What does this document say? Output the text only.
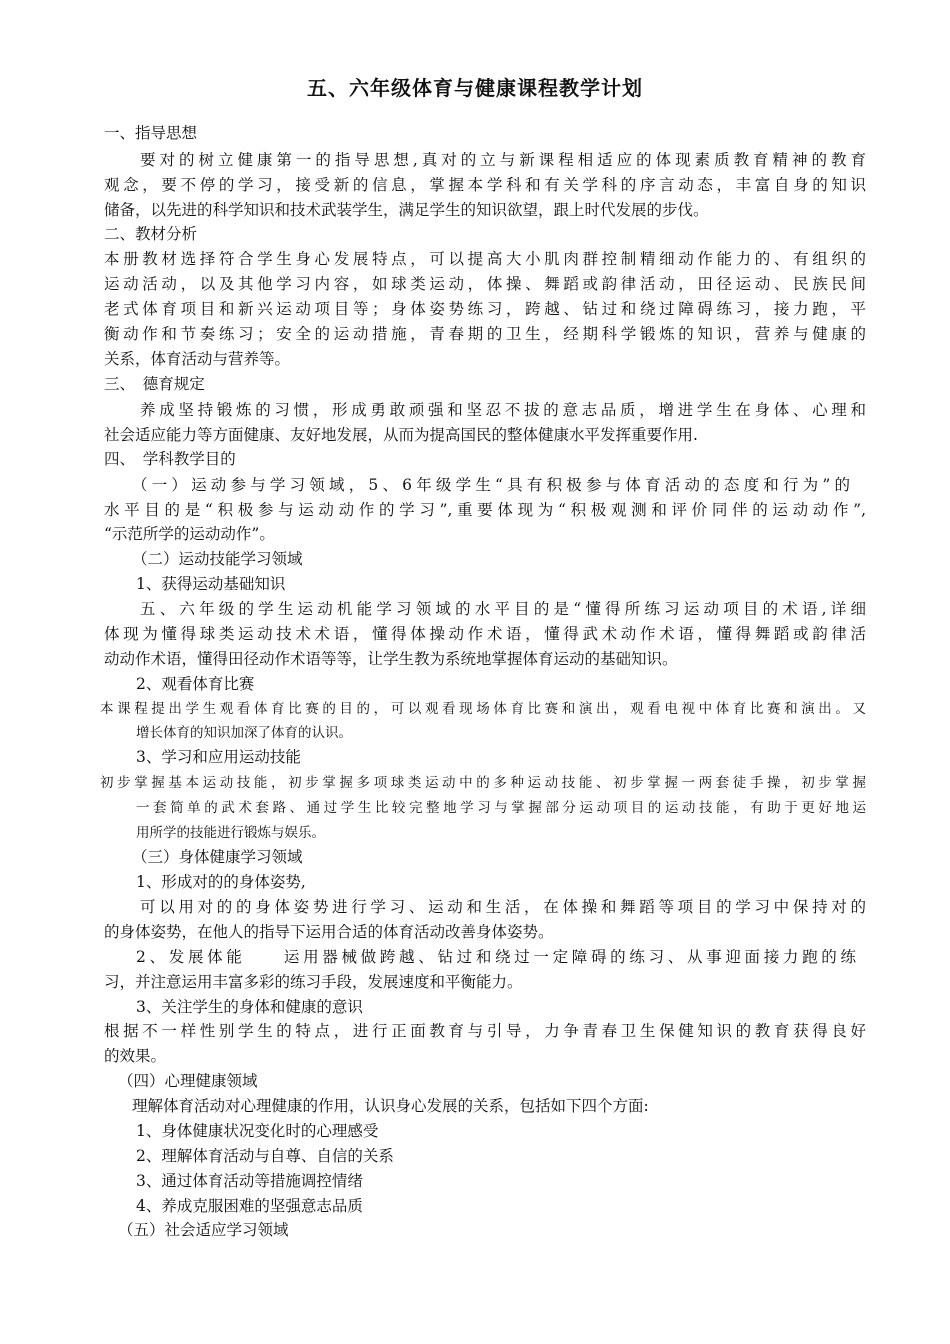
五、六年级体育与健康课程教学计划

一、指导思想

要对的树立健康第一的指导思想,真对的立与新课程相适应的体现素质教育精神的教育

观念，要不停的学习，接受新的信息，掌握本学科和有关学科的序言动态，丰富自身的知识

储备，以先进的科学知识和技术武装学生，满足学生的知识欲望，跟上时代发展的步伐。

二、教材分析

本册教材选择符合学生身心发展特点，可以提高大小肌肉群控制精细动作能力的、有组织的

运动活动，以及其他学习内容，如球类运动，体操、舞蹈或韵律活动，田径运动、民族民间

老式体育项目和新兴运动项目等；身体姿势练习，跨越、钻过和绕过障碍练习，接力跑，平

衡动作和节奏练习；安全的运动措施，青春期的卫生，经期科学锻炼的知识，营养与健康的

关系，体育活动与营养等。

三、　德育规定

养成坚持锻炼的习惯，形成勇敢顽强和坚忍不拔的意志品质，增进学生在身体、心理和

社会适应能力等方面健康、友好地发展，从而为提高国民的整体健康水平发挥重要作用.

四、　学科教学目的

（一）运动参与学习领域，5、6年级学生“具有积极参与体育活动的态度和行为”的

水平目的是“积极参与运动动作的学习”,重要体现为“积极观测和评价同伴的运动动作”,

“示范所学的运动动作”。

（二）运动技能学习领域

1、获得运动基础知识

五、六年级的学生运动机能学习领域的水平目的是“懂得所练习运动项目的术语,详细

体现为懂得球类运动技术术语，懂得体操动作术语，懂得武术动作术语，懂得舞蹈或韵律活

动动作术语，懂得田径动作术语等等，让学生教为系统地掌握体育运动的基础知识。

2、观看体育比赛

本课程提出学生观看体育比赛的目的，可以观看现场体育比赛和演出，观看电视中体育比赛和演出。又

增长体育的知识加深了体育的认识。

3、学习和应用运动技能

初步掌握基本运动技能，初步掌握多项球类运动中的多种运动技能、初步掌握一两套徒手操，初步掌握

一套简单的武术套路、通过学生比较完整地学习与掌握部分运动项目的运动技能，有助于更好地运

用所学的技能进行锻炼与娱乐。

（三）身体健康学习领域

1、形成对的的身体姿势,

可以用对的的身体姿势进行学习、运动和生活，在体操和舞蹈等项目的学习中保持对的

的身体姿势，在他人的指导下运用合适的体育活动改善身体姿势。

2、发展体能　　运用器械做跨越、钻过和绕过一定障碍的练习、从事迎面接力跑的练

习，并注意运用丰富多彩的练习手段，发展速度和平衡能力。

3、关注学生的身体和健康的意识

根据不一样性别学生的特点，进行正面教育与引导，力争青春卫生保健知识的教育获得良好

的效果。

（四）心理健康领域

理解体育活动对心理健康的作用，认识身心发展的关系，包括如下四个方面:

1、身体健康状况变化时的心理感受

2、理解体育活动与自尊、自信的关系

3、通过体育活动等措施调控情绪

4、养成克服困难的坚强意志品质

（五）社会适应学习领域
